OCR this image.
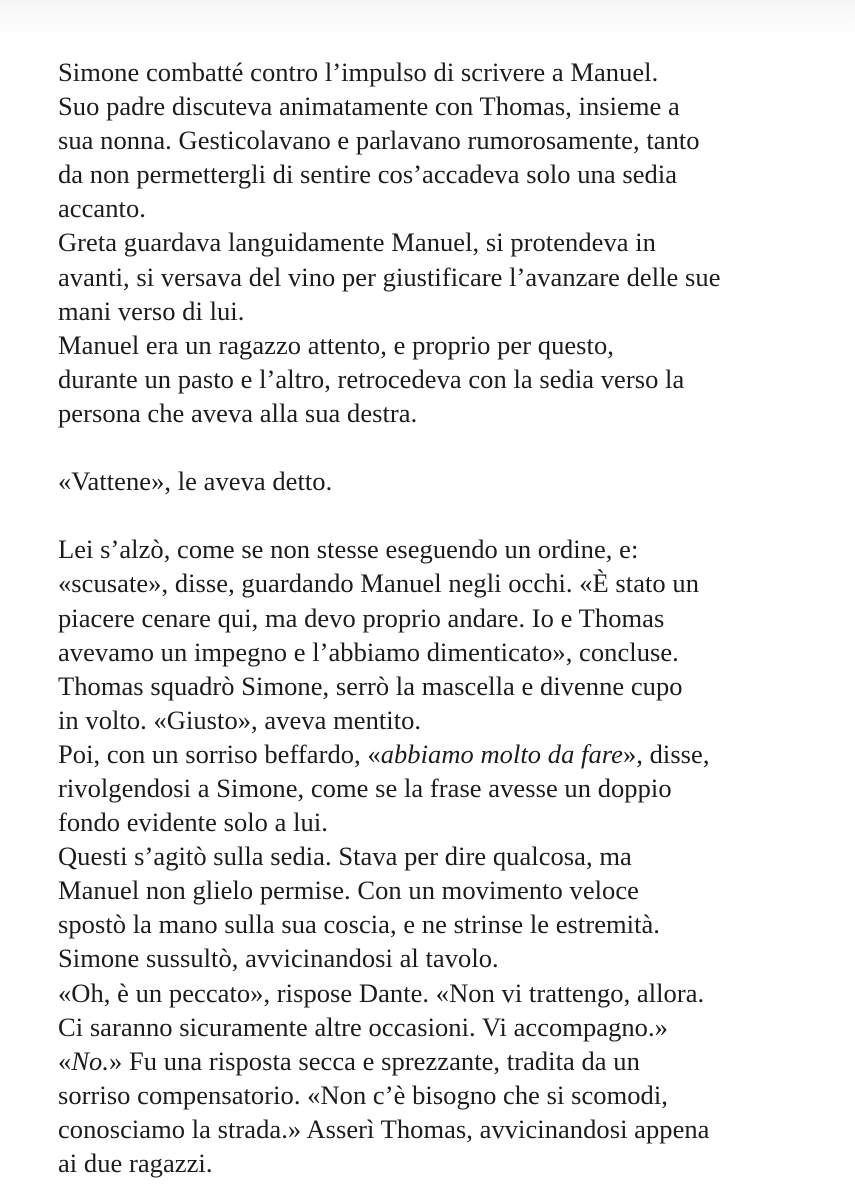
Simone combatté contro l’impulso di scrivere a Manuel.
Suo padre discuteva animatamente con Thomas, insieme a
sua nonna. Gesticolavano e parlavano rumorosamente, tanto
da non permettergli di sentire cos’accadeva solo una sedia
accanto.
Greta guardava languidamente Manuel, si protendeva in
avanti, si versava del vino per giustificare l’avanzare delle sue
mani verso di lui.
Manuel era un ragazzo attento, e proprio per questo,
durante un pasto e l’altro, retrocedeva con la sedia verso la
persona che aveva alla sua destra.
«Vattene», le aveva detto.
Lei s’alzò, come se non stesse eseguendo un ordine, e:
«scusate», disse, guardando Manuel negli occhi. «È stato un
piacere cenare qui, ma devo proprio andare. Io e Thomas
avevamo un impegno e l’abbiamo dimenticato», concluse.
Thomas squadrò Simone, serrò la mascella e divenne cupo
in volto. «Giusto», aveva mentito.
Poi, con un sorriso beffardo, «abbiamo molto da fare», disse,
rivolgendosi a Simone, come se la frase avesse un doppio
fondo evidente solo a lui.
Questi s’agitò sulla sedia. Stava per dire qualcosa, ma
Manuel non glielo permise. Con un movimento veloce
spostò la mano sulla sua coscia, e ne strinse le estremità.
Simone sussultò, avvicinandosi al tavolo.
«Oh, è un peccato», rispose Dante. «Non vi trattengo, allora.
Ci saranno sicuramente altre occasioni. Vi accompagno.»
«No.» Fu una risposta secca e sprezzante, tradita da un
sorriso compensatorio. «Non c’è bisogno che si scomodi,
conosciamo la strada.» Asserì Thomas, avvicinandosi appena
ai due ragazzi.
